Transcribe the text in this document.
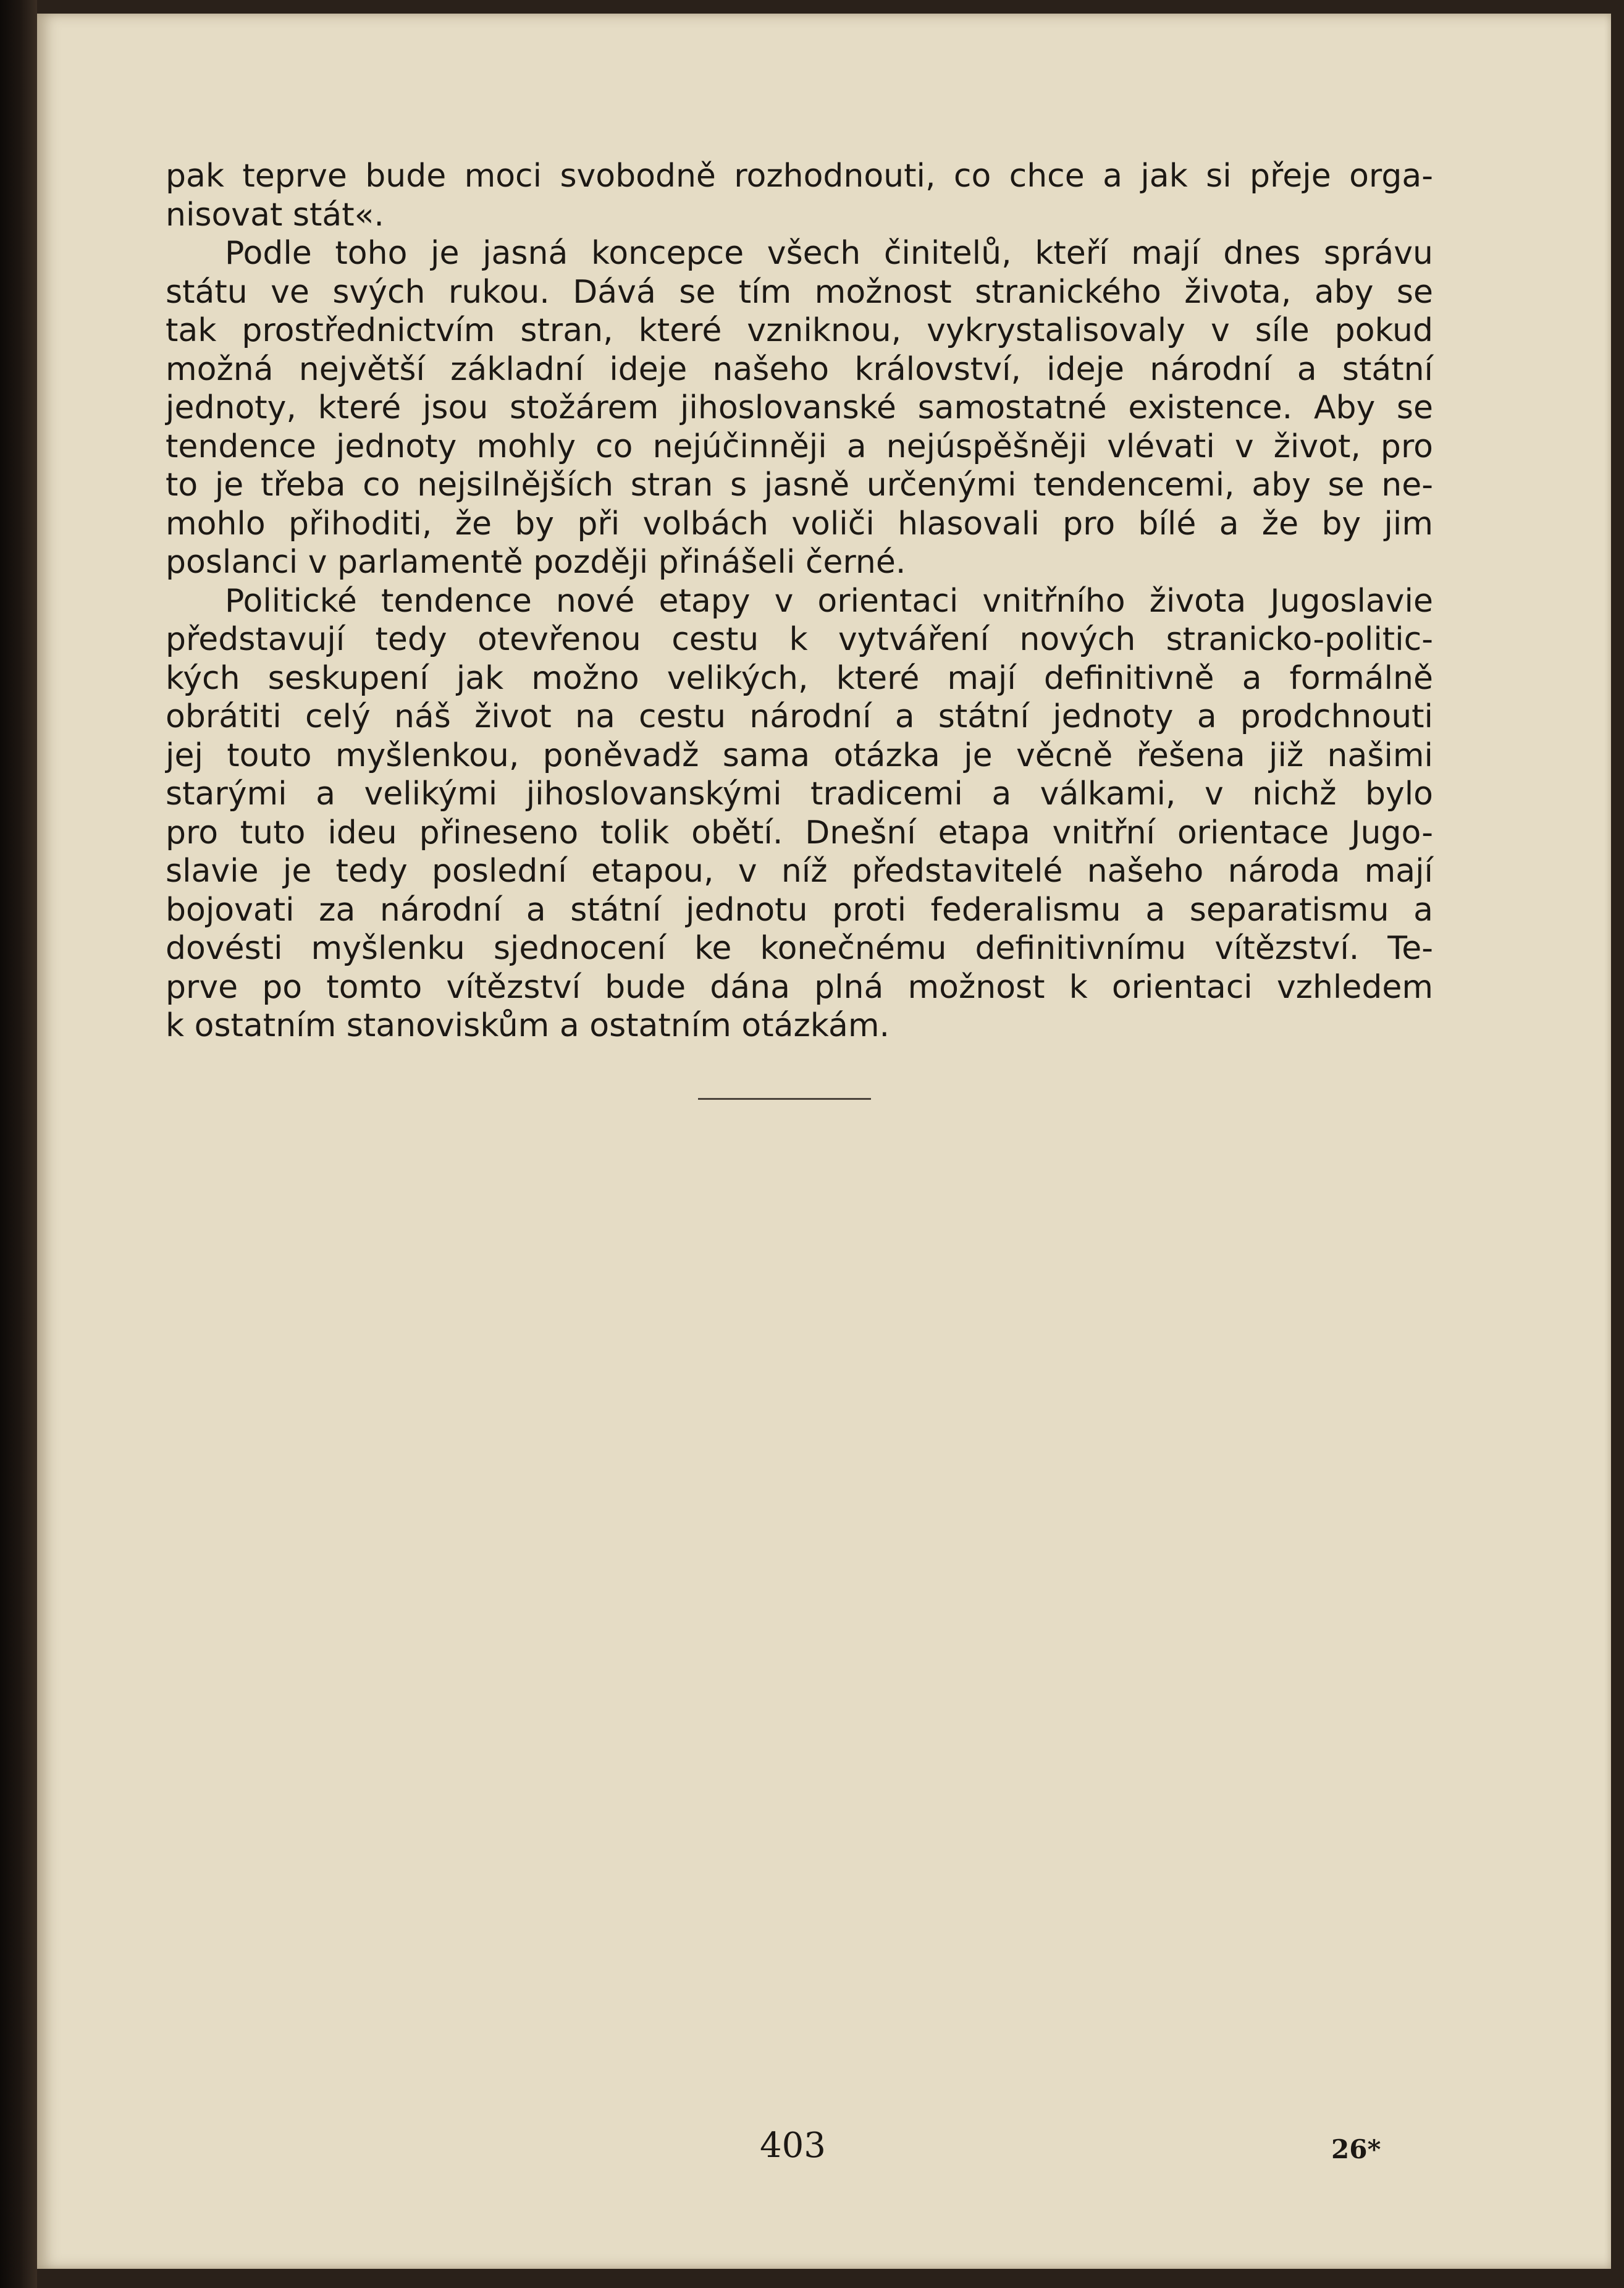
pak teprve bude moci svobodně rozhodnouti, co chce a jak si přeje orga-
nisovat stát«.
Podle toho je jasná koncepce všech činitelů, kteří mají dnes správu
státu ve svých rukou. Dává se tím možnost stranického života, aby se
tak prostřednictvím stran, které vzniknou, vykrystalisovaly v síle pokud
možná největší základní ideje našeho království, ideje národní a státní
jednoty, které jsou stožárem jihoslovanské samostatné existence. Aby se
tendence jednoty mohly co nejúčinněji a nejúspěšněji vlévati v život, pro
to je třeba co nejsilnějších stran s jasně určenými tendencemi, aby se ne-
mohlo přihoditi, že by při volbách voliči hlasovali pro bílé a že by jim
poslanci v parlamentě později přinášeli černé.
Politické tendence nové etapy v orientaci vnitřního života Jugoslavie
představují tedy otevřenou cestu k vytváření nových stranicko-politic-
kých seskupení jak možno velikých, které mají definitivně a formálně
obrátiti celý náš život na cestu národní a státní jednoty a prodchnouti
jej touto myšlenkou, poněvadž sama otázka je věcně řešena již našimi
starými a velikými jihoslovanskými tradicemi a válkami, v nichž bylo
pro tuto ideu přineseno tolik obětí. Dnešní etapa vnitřní orientace Jugo-
slavie je tedy poslední etapou, v níž představitelé našeho národa mají
bojovati za národní a státní jednotu proti federalismu a separatismu a
dovésti myšlenku sjednocení ke konečnému definitivnímu vítězství. Te-
prve po tomto vítězství bude dána plná možnost k orientaci vzhledem
k ostatním stanoviskům a ostatním otázkám.
403	26*
